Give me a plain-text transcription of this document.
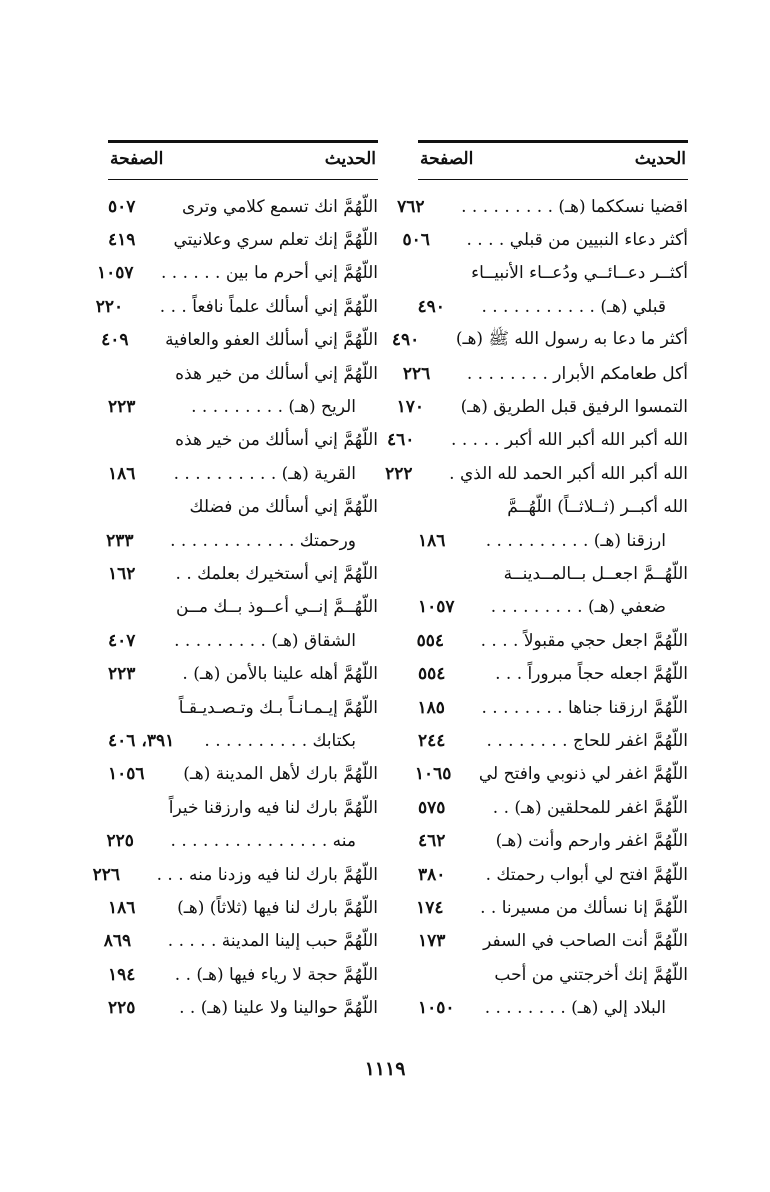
الحديث
الصفحة
اقضيا نسككما (هـ) . . . . . . . . .
٧٦٢
أكثر دعاء النبيين من قبلي . . . .
٥٠٦
أكثــر دعــائــي ودُعــاء الأنبيــاء
قبلي (هـ) . . . . . . . . . . .
٤٩٠
أكثر ما دعا به رسول الله ﷺ (هـ)
٤٩٠
أكل طعامكم الأبرار . . . . . . . .
٢٢٦
التمسوا الرفيق قبل الطريق (هـ)
١٧٠
الله أكبر الله أكبر الله أكبر . . . . .
٤٦٠
الله أكبر الله أكبر الحمد لله الذي .
٢٢٢
الله أكبــر (ثــلاثــاً) اللّهُــمَّ
ارزقنا (هـ) . . . . . . . . . .
١٨٦
اللّهُــمَّ اجعــل بــالمــدينــة
ضعفي (هـ) . . . . . . . . .
١٠٥٧
اللّهُمَّ اجعل حجي مقبولاً . . . .
٥٥٤
اللّهُمَّ اجعله حجاً مبروراً . . .
٥٥٤
اللّهُمَّ ارزقنا جناها . . . . . . . .
١٨٥
اللّهُمَّ اغفر للحاج . . . . . . . .
٢٤٤
اللّهُمَّ اغفر لي ذنوبي وافتح لي
١٠٦٥
اللّهُمَّ اغفر للمحلقين (هـ) . .
٥٧٥
اللّهُمَّ اغفر وارحم وأنت (هـ)
٤٦٢
اللّهُمَّ افتح لي أبواب رحمتك .
٣٨٠
اللّهُمَّ إنا نسألك من مسيرنا . .
١٧٤
اللّهُمَّ أنت الصاحب في السفر
١٧٣
اللّهُمَّ إنك أخرجتني من أحب
البلاد إلي (هـ) . . . . . . . .
١٠٥٠
الحديث
الصفحة
اللّهُمَّ انك تسمع كلامي وترى
٥٠٧
اللّهُمَّ إنك تعلم سري وعلانيتي
٤١٩
اللّهُمَّ إني أحرم ما بين . . . . . .
١٠٥٧
اللّهُمَّ إني أسألك علماً نافعاً . . .
٢٢٠
اللّهُمَّ إني أسألك العفو والعافية
٤٠٩
اللّهُمَّ إني أسألك من خير هذه
الريح (هـ) . . . . . . . . .
٢٢٣
اللّهُمَّ إني أسألك من خير هذه
القرية (هـ) . . . . . . . . . .
١٨٦
اللّهُمَّ إني أسألك من فضلك
ورحمتك . . . . . . . . . . . .
٢٣٣
اللّهُمَّ إني أستخيرك بعلمك . .
١٦٢
اللّهُــمَّ إنــي أعــوذ بــك مــن
الشقاق (هـ) . . . . . . . . .
٤٠٧
اللّهُمَّ أهله علينا بالأمن (هـ) .
٢٢٣
اللّهُمَّ إيـمـانـاً بـك وتـصـديـقـاً
بكتابك . . . . . . . . . .
٣٩١، ٤٠٦
اللّهُمَّ بارك لأهل المدينة (هـ)
١٠٥٦
اللّهُمَّ بارك لنا فيه وارزقنا خيراً
منه . . . . . . . . . . . . . . .
٢٢٥
اللّهُمَّ بارك لنا فيه وزدنا منه . . .
٢٢٦
اللّهُمَّ بارك لنا فيها (ثلاثاً) (هـ)
١٨٦
اللّهُمَّ حبب إلينا المدينة . . . . .
٨٦٩
اللّهُمَّ حجة لا رياء فيها (هـ) . .
١٩٤
اللّهُمَّ حوالينا ولا علينا (هـ) . .
٢٢٥
١١١٩
